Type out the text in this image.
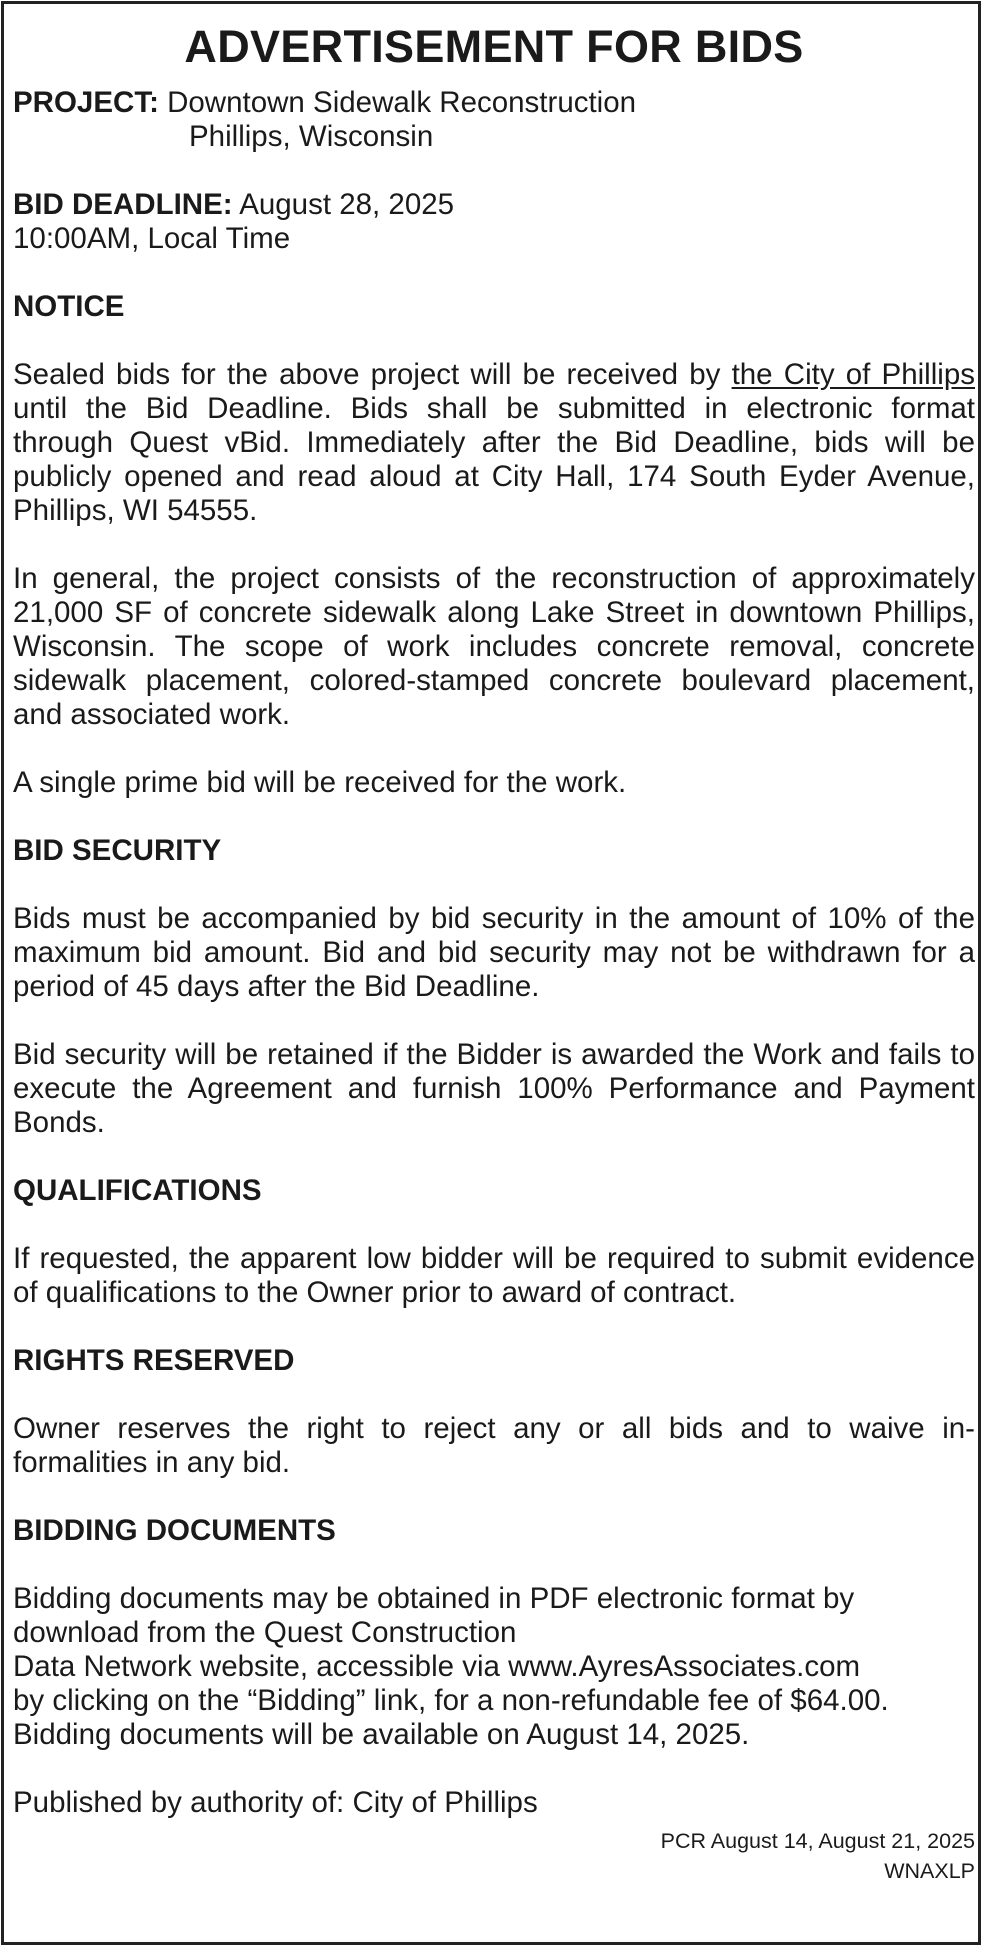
ADVERTISEMENT FOR BIDS

PROJECT: Downtown Sidewalk Reconstruction
Phillips, Wisconsin

BID DEADLINE: August 28, 2025
10:00AM, Local Time

NOTICE

Sealed bids for the above project will be received by the City of Phillips until the Bid Deadline. Bids shall be submitted in electronic format through Quest vBid. Immediately after the Bid Deadline, bids will be publicly opened and read aloud at City Hall, 174 South Eyder Avenue, Phillips, WI 54555.

In general, the project consists of the reconstruction of approximately 21,000 SF of concrete sidewalk along Lake Street in downtown Phillips, Wisconsin. The scope of work includes concrete removal, concrete sidewalk placement, colored-stamped concrete boulevard placement, and associated work.

A single prime bid will be received for the work.

BID SECURITY

Bids must be accompanied by bid security in the amount of 10% of the maximum bid amount. Bid and bid security may not be withdrawn for a period of 45 days after the Bid Deadline.

Bid security will be retained if the Bidder is awarded the Work and fails to execute the Agreement and furnish 100% Performance and Payment Bonds.

QUALIFICATIONS

If requested, the apparent low bidder will be required to submit evidence of qualifications to the Owner prior to award of contract.

RIGHTS RESERVED

Owner reserves the right to reject any or all bids and to waive informalities in any bid.

BIDDING DOCUMENTS

Bidding documents may be obtained in PDF electronic format by
download from the Quest Construction
Data Network website, accessible via www.AyresAssociates.com
by clicking on the “Bidding” link, for a non-refundable fee of $64.00.
Bidding documents will be available on August 14, 2025.

Published by authority of: City of Phillips

PCR August 14, August 21, 2025

WNAXLP
